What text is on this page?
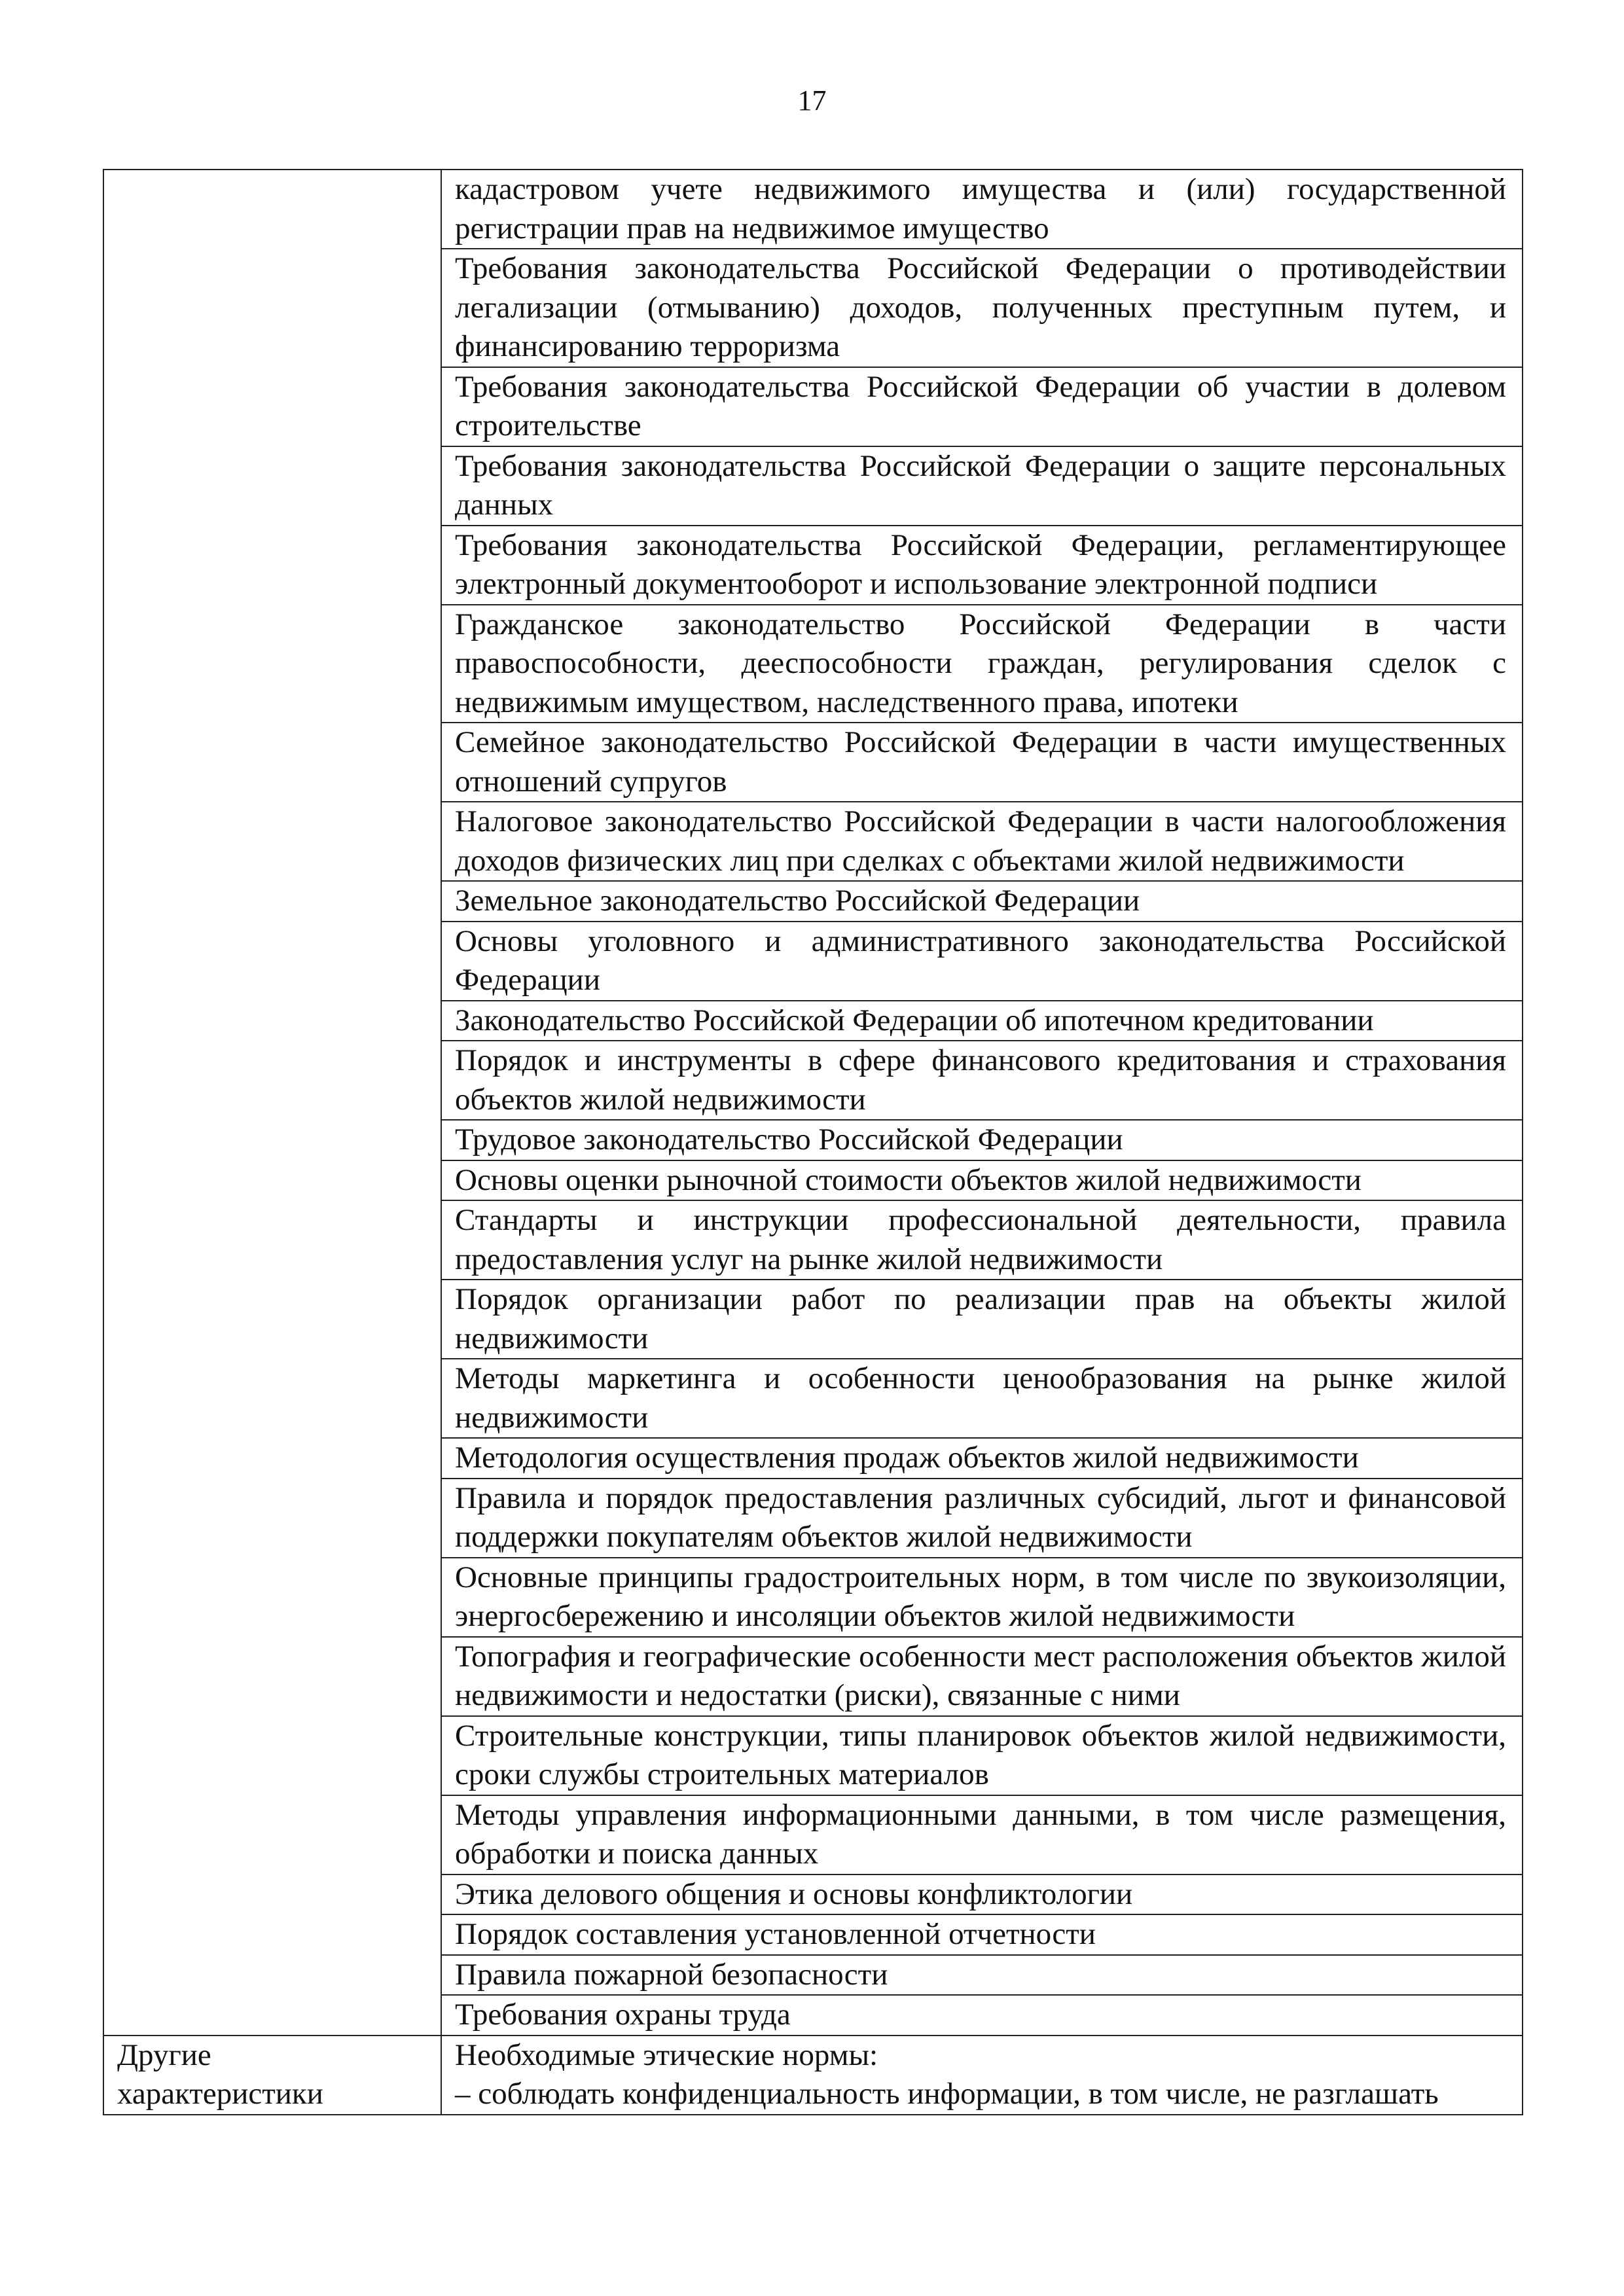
17
	кадастровом учете недвижимого имущества и (или) государственной регистрации прав на недвижимое имущество
	Требования законодательства Российской Федерации о противодействии легализации (отмыванию) доходов, полученных преступным путем, и финансированию терроризма
	Требования законодательства Российской Федерации об участии в долевом строительстве
	Требования законодательства Российской Федерации о защите персональных данных
	Требования законодательства Российской Федерации, регламентирующее электронный документооборот и использование электронной подписи
	Гражданское законодательство Российской Федерации в части правоспособности, дееспособности граждан, регулирования сделок с недвижимым имуществом, наследственного права, ипотеки
	Семейное законодательство Российской Федерации в части имущественных отношений супругов
	Налоговое законодательство Российской Федерации в части налогообложения доходов физических лиц при сделках с объектами жилой недвижимости
	Земельное законодательство Российской Федерации
	Основы уголовного и административного законодательства Российской Федерации
	Законодательство Российской Федерации об ипотечном кредитовании
	Порядок и инструменты в сфере финансового кредитования и страхования объектов жилой недвижимости
	Трудовое законодательство Российской Федерации
	Основы оценки рыночной стоимости объектов жилой недвижимости
	Стандарты и инструкции профессиональной деятельности, правила предоставления услуг на рынке жилой недвижимости
	Порядок организации работ по реализации прав на объекты жилой недвижимости
	Методы маркетинга и особенности ценообразования на рынке жилой недвижимости
	Методология осуществления продаж объектов жилой недвижимости
	Правила и порядок предоставления различных субсидий, льгот и финансовой поддержки покупателям объектов жилой недвижимости
	Основные принципы градостроительных норм, в том числе по звукоизоляции, энергосбережению и инсоляции объектов жилой недвижимости
	Топография и географические особенности мест расположения объектов жилой недвижимости и недостатки (риски), связанные с ними
	Строительные конструкции, типы планировок объектов жилой недвижимости, сроки службы строительных материалов
	Методы управления информационными данными, в том числе размещения, обработки и поиска данных
	Этика делового общения и основы конфликтологии
	Порядок составления установленной отчетности
	Правила пожарной безопасности
	Требования охраны труда

Другие
характеристики	Необходимые этические нормы:
– соблюдать конфиденциальность информации, в том числе, не разглашать
